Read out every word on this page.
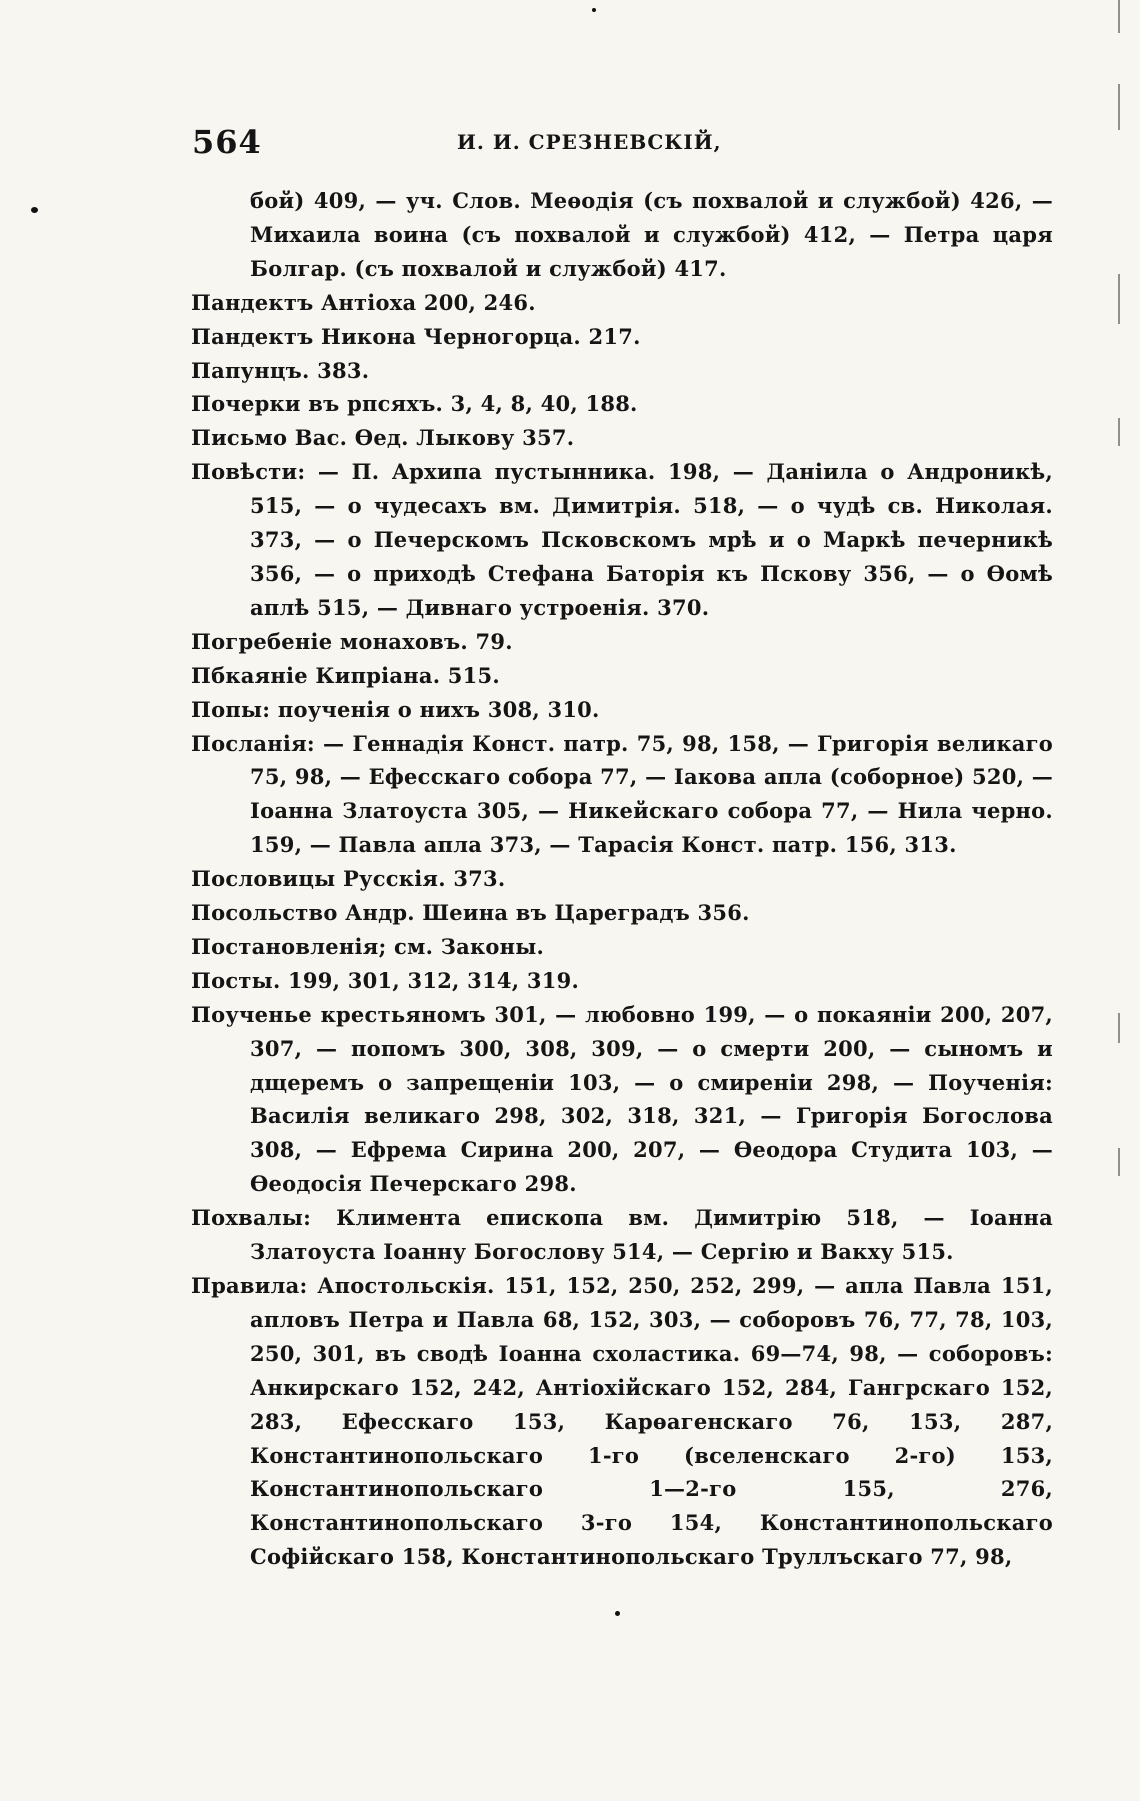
564	И. И. СРЕЗНЕВСКIЙ,

бой) 409, — уч. Слов. Меѳодія (съ похвалой и службой) 426, — Михаила воина (съ похвалой и службой) 412, — Петра царя Болгар. (съ похвалой и службой) 417.

Пандектъ Антіоха 200, 246.

Пандектъ Никона Черногорца. 217.

Папунцъ. 383.

Почерки въ рпсяхъ. 3, 4, 8, 40, 188.

Письмо Вас. Ѳед. Лыкову 357.

Повѣсти: — П. Архипа пустынника. 198, — Даніила о Андроникѣ, 515, — о чудесахъ вм. Димитрія. 518, — о чудѣ св. Николая. 373, — о Печерскомъ Псковскомъ мрѣ и о Маркѣ печерникѣ 356, — о приходѣ Стефана Баторія къ Пскову 356, — о Ѳомѣ аплѣ 515, — Дивнаго устроенія. 370.

Погребеніе монаховъ. 79.

Пбкаяніе Кипріана. 515.

Попы: поученія о нихъ 308, 310.

Посланія: — Геннадія Конст. патр. 75, 98, 158, — Григорія великаго 75, 98, — Ефесскаго собора 77, — Іакова апла (соборное) 520, — Іоанна Златоуста 305, — Никейскаго собора 77, — Нила черно. 159, — Павла апла 373, — Тарасія Конст. патр. 156, 313.

Пословицы Русскія. 373.

Посольство Андр. Шеина въ Цареградъ 356.

Постановленія; см. Законы.

Посты. 199, 301, 312, 314, 319.

Поученье крестьяномъ 301, — любовно 199, — о покаяніи 200, 207, 307, — попомъ 300, 308, 309, — о смерти 200, — сыномъ и дщеремъ о запрещеніи 103, — о смиреніи 298, — Поученія: Василія великаго 298, 302, 318, 321, — Григорія Богослова 308, — Ефрема Сирина 200, 207, — Ѳеодора Студита 103, — Ѳеодосія Печерскаго 298.

Похвалы: Климента епископа вм. Димитрію 518, — Іоанна Златоуста Іоанну Богослову 514, — Сергію и Вакху 515.

Правила: Апостольскія. 151, 152, 250, 252, 299, — апла Павла 151, апловъ Петра и Павла 68, 152, 303, — соборовъ 76, 77, 78, 103, 250, 301, въ сводѣ Іоанна схоластика. 69—74, 98, — соборовъ: Анкирскаго 152, 242, Антіохійскаго 152, 284, Гангрскаго 152, 283, Ефесскаго 153, Карѳагенскаго 76, 153, 287, Константинопольскаго 1-го (вселенскаго 2-го) 153, Константинопольскаго 1—2-го 155, 276, Константинопольскаго 3-го 154, Константинопольскаго Софійскаго 158, Константинопольскаго Труллъскаго 77, 98,
